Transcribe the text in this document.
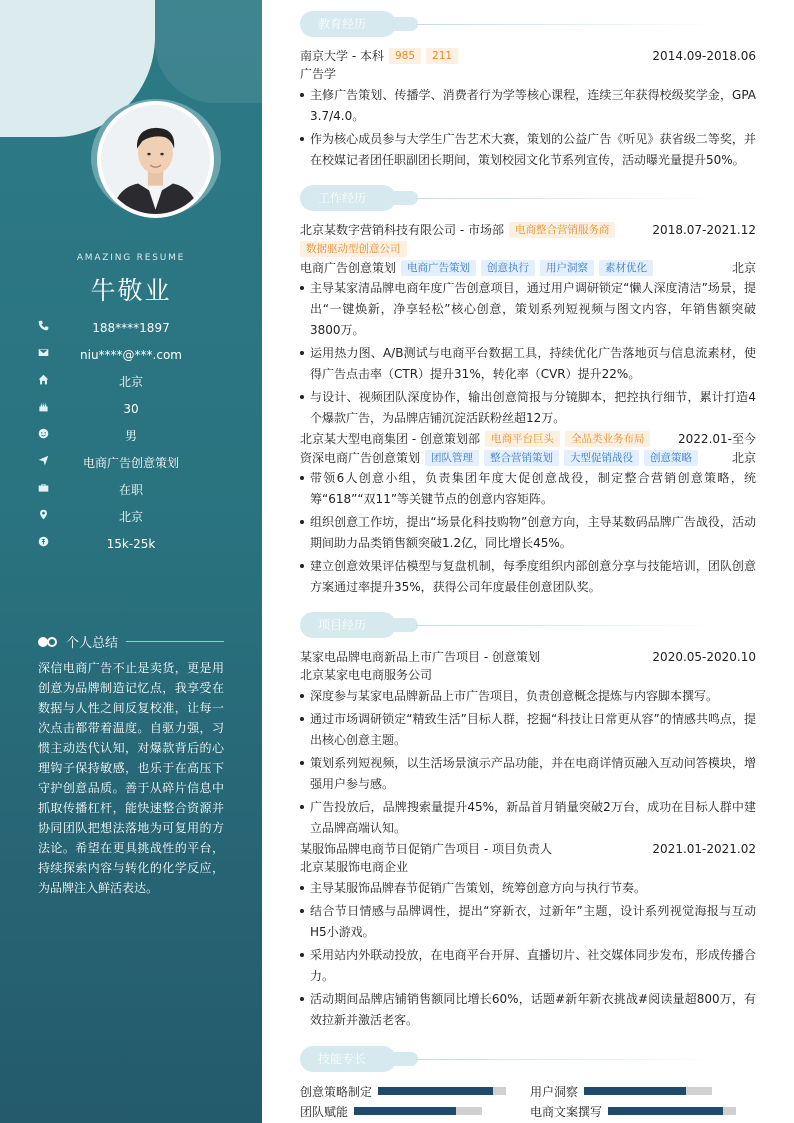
AMAZING RESUME
牛敬业
188****1897
niu****@***.com
北京
30
男
电商广告创意策划
在职
北京
15k-25k
个人总结

深信电商广告不止是卖货，更是用创意为品牌制造记忆点，我享受在数据与人性之间反复校准，让每一次点击都带着温度。自驱力强，习惯主动迭代认知，对爆款背后的心理钩子保持敏感，也乐于在高压下守护创意品质。善于从碎片信息中抓取传播杠杆，能快速整合资源并协同团队把想法落地为可复用的方法论。希望在更具挑战性的平台，持续探索内容与转化的化学反应，为品牌注入鲜活表达。

教育经历
南京大学 - 本科	985	211	2014.09-2018.06
广告学
主修广告策划、传播学、消费者行为学等核心课程，连续三年获得校级奖学金，GPA 3.7/4.0。
作为核心成员参与大学生广告艺术大赛，策划的公益广告《听见》获省级二等奖，并在校媒记者团任职副团长期间，策划校园文化节系列宣传，活动曝光量提升50%。
工作经历
北京某数字营销科技有限公司 - 市场部	电商整合营销服务商	2018.07-2021.12
数据驱动型创意公司
电商广告创意策划	电商广告策划	创意执行	用户洞察	素材优化	北京
主导某家清品牌电商年度广告创意项目，通过用户调研锁定“懒人深度清洁”场景，提出“一键焕新，净享轻松”核心创意，策划系列短视频与图文内容，年销售额突破3800万。
运用热力图、A/B测试与电商平台数据工具，持续优化广告落地页与信息流素材，使得广告点击率（CTR）提升31%，转化率（CVR）提升22%。
与设计、视频团队深度协作，输出创意简报与分镜脚本，把控执行细节，累计打造4个爆款广告，为品牌店铺沉淀活跃粉丝超12万。
北京某大型电商集团 - 创意策划部	电商平台巨头	全品类业务布局	2022.01-至今
资深电商广告创意策划	团队管理	整合营销策划	大型促销战役	创意策略	北京
带领6人创意小组，负责集团年度大促创意战役，制定整合营销创意策略，统筹“618”“双11”等关键节点的创意内容矩阵。
组织创意工作坊，提出“场景化科技购物”创意方向，主导某数码品牌广告战役，活动期间助力品类销售额突破1.2亿，同比增长45%。
建立创意效果评估模型与复盘机制，每季度组织内部创意分享与技能培训，团队创意方案通过率提升35%，获得公司年度最佳创意团队奖。
项目经历
某家电品牌电商新品上市广告项目 - 创意策划	2020.05-2020.10
北京某家电电商服务公司
深度参与某家电品牌新品上市广告项目，负责创意概念提炼与内容脚本撰写。
通过市场调研锁定“精致生活”目标人群，挖掘“科技让日常更从容”的情感共鸣点，提出核心创意主题。
策划系列短视频，以生活场景演示产品功能，并在电商详情页融入互动问答模块，增强用户参与感。
广告投放后，品牌搜索量提升45%，新品首月销量突破2万台，成功在目标人群中建立品牌高端认知。
某服饰品牌电商节日促销广告项目 - 项目负责人	2021.01-2021.02
北京某服饰电商企业
主导某服饰品牌春节促销广告策划，统筹创意方向与执行节奏。
结合节日情感与品牌调性，提出“穿新衣，过新年”主题，设计系列视觉海报与互动H5小游戏。
采用站内外联动投放，在电商平台开屏、直播切片、社交媒体同步发布，形成传播合力。
活动期间品牌店铺销售额同比增长60%，话题#新年新衣挑战#阅读量超800万，有效拉新并激活老客。
技能专长
创意策略制定	用户洞察
团队赋能	电商文案撰写
